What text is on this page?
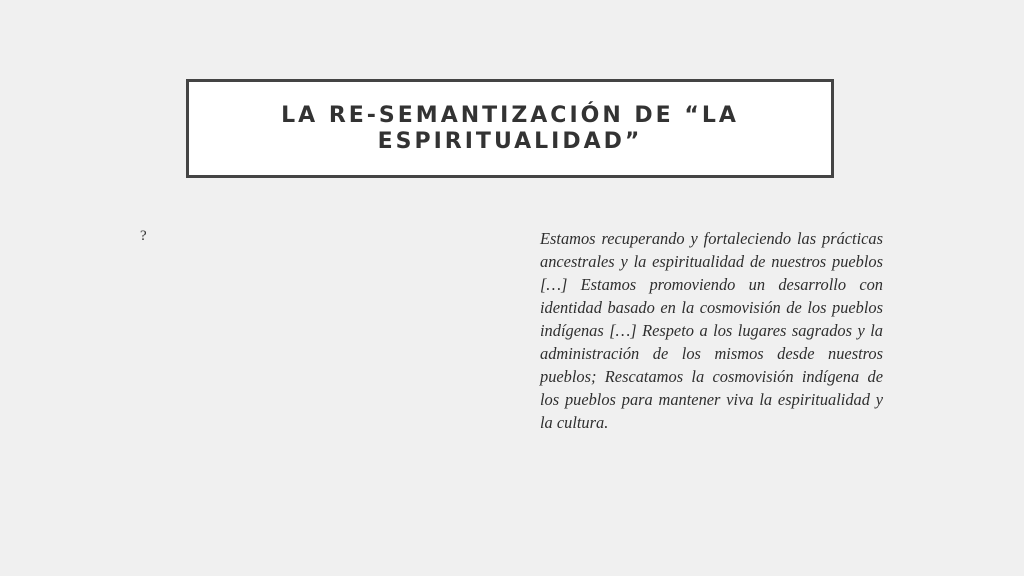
LA RE-SEMANTIZACIÓN DE “LA ESPIRITUALIDAD”
?	Estamos recuperando y fortaleciendo las prácticas ancestrales y la espiritualidad de nuestros pueblos […] Estamos promoviendo un desarrollo con identidad basado en la cosmovisión de los pueblos indígenas […] Respeto a los lugares sagrados y la administración de los mismos desde nuestros pueblos; Rescatamos la cosmovisión indígena de los pueblos para mantener viva la espiritualidad y la cultura.
